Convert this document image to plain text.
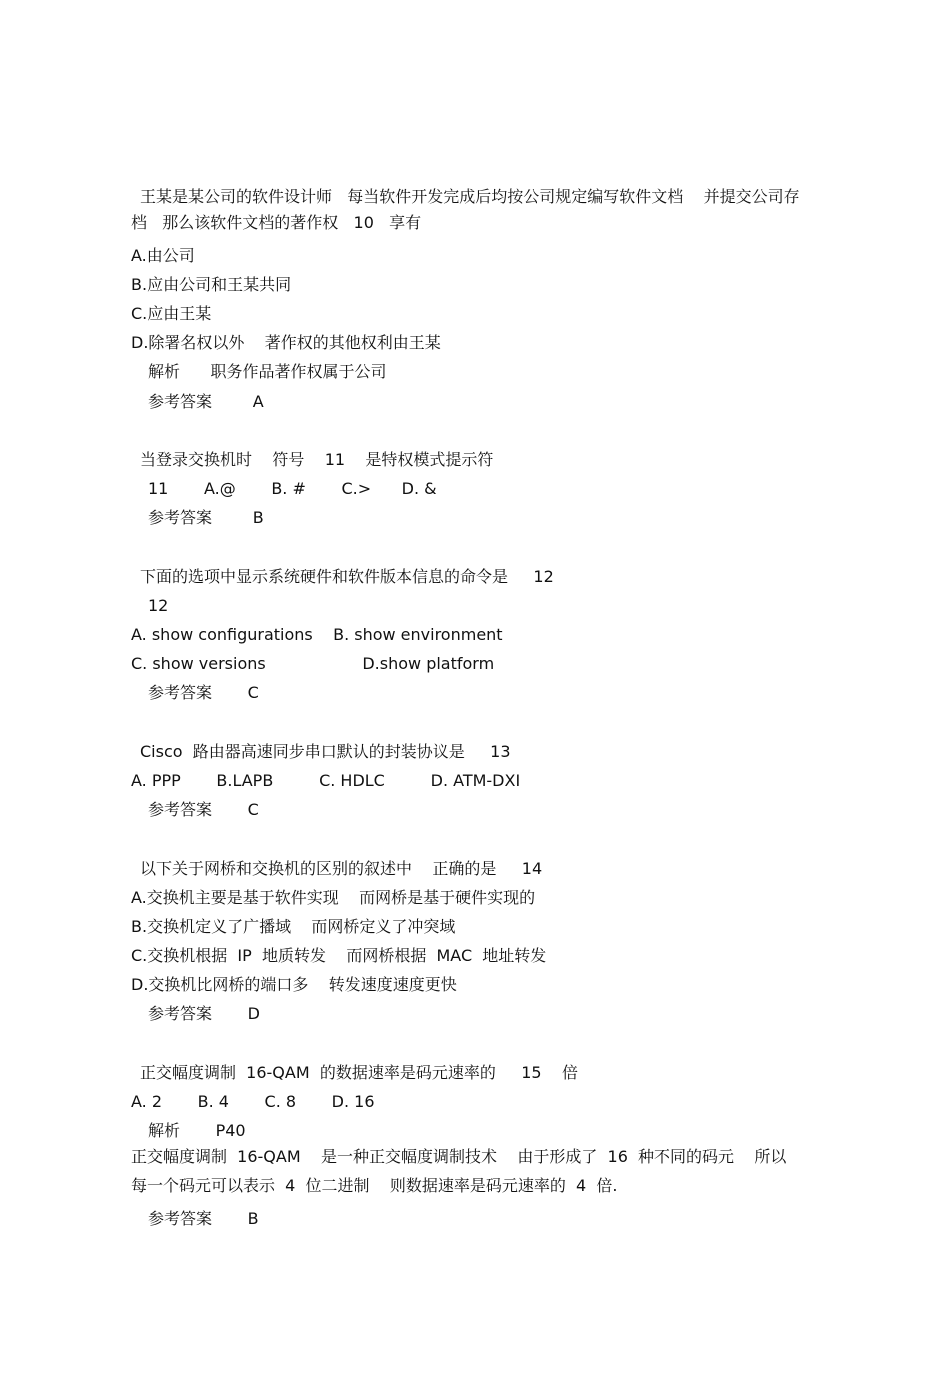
王某是某公司的软件设计师   每当软件开发完成后均按公司规定编写软件文档    并提交公司存
档   那么该软件文档的著作权   10   享有
A.由公司
B.应由公司和王某共同
C.应由王某
D.除署名权以外    著作权的其他权利由王某
解析      职务作品著作权属于公司
参考答案        A
当登录交换机时    符号    11    是特权模式提示符
11       A.@       B. #       C.>      D. &
参考答案        B
下面的选项中显示系统硬件和软件版本信息的命令是     12
12
A. show configurations    B. show environment
C. show versions                   D.show platform
参考答案       C
Cisco  路由器高速同步串口默认的封装协议是     13
A. PPP       B.LAPB         C. HDLC         D. ATM-DXI
参考答案       C
以下关于网桥和交换机的区别的叙述中    正确的是     14
A.交换机主要是基于软件实现    而网桥是基于硬件实现的
B.交换机定义了广播域    而网桥定义了冲突域
C.交换机根据  IP  地质转发    而网桥根据  MAC  地址转发
D.交换机比网桥的端口多    转发速度速度更快
参考答案       D
正交幅度调制  16-QAM  的数据速率是码元速率的     15    倍
A. 2       B. 4       C. 8       D. 16
解析       P40
正交幅度调制  16-QAM    是一种正交幅度调制技术    由于形成了  16  种不同的码元    所以
每一个码元可以表示  4  位二进制    则数据速率是码元速率的  4  倍.
参考答案       B
